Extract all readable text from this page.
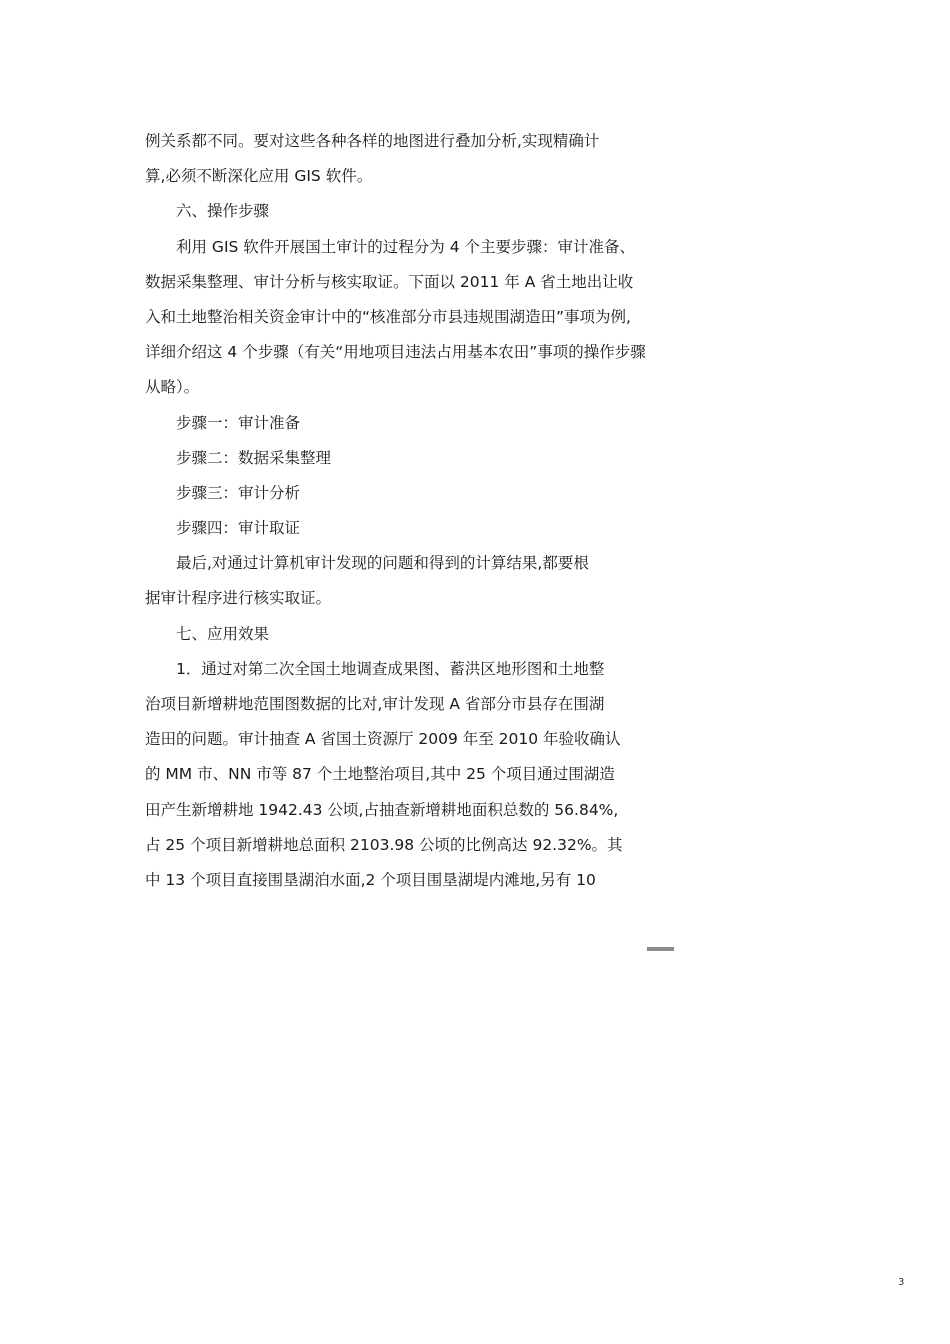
例关系都不同。要对这些各种各样的地图进行叠加分析,实现精确计
算,必须不断深化应用 GIS 软件。
六、操作步骤
利用 GIS 软件开展国土审计的过程分为 4 个主要步骤：审计准备、
数据采集整理、审计分析与核实取证。下面以 2011 年 A 省土地出让收
入和土地整治相关资金审计中的“核准部分市县违规围湖造田”事项为例,
详细介绍这 4 个步骤（有关“用地项目违法占用基本农田”事项的操作步骤
从略）。
步骤一：审计准备
步骤二：数据采集整理
步骤三：审计分析
步骤四：审计取证
最后,对通过计算机审计发现的问题和得到的计算结果,都要根
据审计程序进行核实取证。
七、应用效果
1．通过对第二次全国土地调查成果图、蓄洪区地形图和土地整
治项目新增耕地范围图数据的比对,审计发现 A 省部分市县存在围湖
造田的问题。审计抽查 A 省国土资源厅 2009 年至 2010 年验收确认
的 MM 市、NN 市等 87 个土地整治项目,其中 25 个项目通过围湖造
田产生新增耕地 1942.43 公顷,占抽查新增耕地面积总数的 56.84%,
占 25 个项目新增耕地总面积 2103.98 公顷的比例高达 92.32%。其
中 13 个项目直接围垦湖泊水面,2 个项目围垦湖堤内滩地,另有 10
3
